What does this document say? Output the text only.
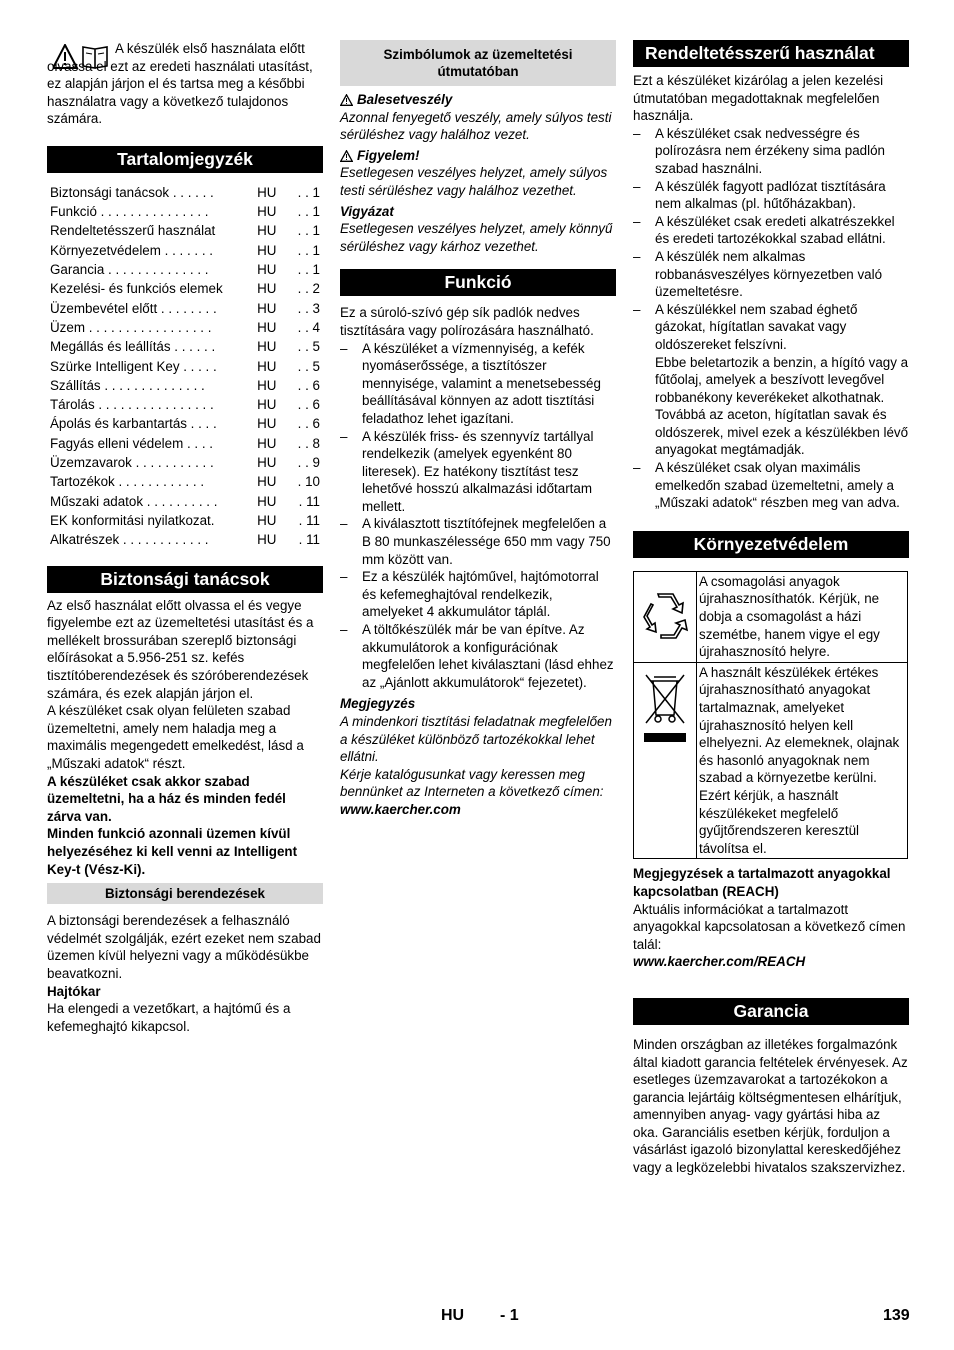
A készülék első használata előtt olvassa el ezt az eredeti használati utasítást, ez alapján járjon el és tartsa meg a későbbi használatra vagy a következő tulajdonos számára.

Tartalomjegyzék
Biztonsági tanácsok . . . . . .	HU	. . 1
Funkció . . . . . . . . . . . . . . .	HU	. . 1
Rendeltetésszerű használat	HU	. . 1
Környezetvédelem . . . . . . .	HU	. . 1
Garancia . . . . . . . . . . . . . .	HU	. . 1
Kezelési- és funkciós elemek	HU	. . 2
Üzembevétel előtt . . . . . . . .	HU	. . 3
Üzem . . . . . . . . . . . . . . . . .	HU	. . 4
Megállás és leállítás . . . . . .	HU	. . 5
Szürke Intelligent Key . . . . .	HU	. . 5
Szállítás . . . . . . . . . . . . . .	HU	. . 6
Tárolás . . . . . . . . . . . . . . . .	HU	. . 6
Ápolás és karbantartás . . . .	HU	. . 6
Fagyás elleni védelem . . . .	HU	. . 8
Üzemzavarok . . . . . . . . . . .	HU	. . 9
Tartozékok . . . . . . . . . . . .	HU	. 10
Műszaki adatok . . . . . . . . . .	HU	. 11
EK konformitási nyilatkozat.	HU	. 11
Alkatrészek . . . . . . . . . . . .	HU	. 11
Biztonsági tanácsok

Az első használat előtt olvassa el és vegye figyelembe ezt az üzemeltetési utasítást és a mellékelt brossurában szereplő biztonsági előírásokat a 5.956-251 sz. kefés tisztítóberendezések és szóróberendezések számára, és ezek alapján járjon el.

A készüléket csak olyan felületen szabad üzemeltetni, amely nem haladja meg a maximális megengedett emelkedést, lásd a „Műszaki adatok“ részt.

A készüléket csak akkor szabad üzemeltetni, ha a ház és minden fedél zárva van.

Minden funkció azonnali üzemen kívül helyezéséhez ki kell venni az Intelligent Key-t (Vész-Ki).

Biztonsági berendezések

A biztonsági berendezések a felhasználó védelmét szolgálják, ezért ezeket nem szabad üzemen kívül helyezni vagy a működésükbe beavatkozni.

Hajtókar

Ha elengedi a vezetőkart, a hajtómű és a kefemeghajtó kikapcsol.

Szimbólumok az üzemeltetési útmutatóban
Balesetveszély

Azonnal fenyegető veszély, amely súlyos testi sérüléshez vagy halálhoz vezet.

Figyelem!

Esetlegesen veszélyes helyzet, amely súlyos testi sérüléshez vagy halálhoz vezethet.

Vigyázat

Esetlegesen veszélyes helyzet, amely könnyű sérüléshez vagy kárhoz vezethet.

Funkció

Ez a súroló-szívó gép sík padlók nedves tisztítására vagy polírozására használható.

– A készüléket a vízmennyiség, a kefék nyomáserőssége, a tisztítószer mennyisége, valamint a menetsebesség beállításával könnyen az adott tisztítási feladathoz lehet igazítani.
– A készülék friss- és szennyvíz tartállyal rendelkezik (amelyek egyenként 80 literesek). Ez hatékony tisztítást tesz lehetővé hosszú alkalmazási időtartam mellett.
– A kiválasztott tisztítófejnek megfelelően a B 80 munkaszélessége 650 mm vagy 750 mm között van.
– Ez a készülék hajtóművel, hajtómotorral és kefemeghajtóval rendelkezik, amelyeket 4 akkumulátor táplál.
– A töltőkészülék már be van építve. Az akkumulátorok a konfigurációnak megfelelően lehet kiválasztani (lásd ehhez az „Ajánlott akkumulátorok“ fejezetet).

Megjegyzés

A mindenkori tisztítási feladatnak megfelelően a készüléket különböző tartozékokkal lehet ellátni.

Kérje katalógusunkat vagy keressen meg bennünket az Interneten a következő címen:

www.kaercher.com

Rendeltetésszerű használat

Ezt a készüléket kizárólag a jelen kezelési útmutatóban megadottaknak megfelelően használja.

– A készüléket csak nedvességre és polírozásra nem érzékeny sima padlón szabad használni.
– A készülék fagyott padlózat tisztítására nem alkalmas (pl. hűtőházakban).
– A készüléket csak eredeti alkatrészekkel és eredeti tartozékokkal szabad ellátni.
– A készülék nem alkalmas robbanásveszélyes környezetben való üzemeltetésre.
– A készülékkel nem szabad éghető gázokat, hígítatlan savakat vagy oldószereket felszívni.

Ebbe beletartozik a benzin, a hígító vagy a fűtőolaj, amelyek a beszívott levegővel robbanékony keverékeket alkothatnak. Továbbá az aceton, hígítatlan savak és oldószerek, mivel ezek a készülékben lévő anyagokat megtámadják.

– A készüléket csak olyan maximális emelkedőn szabad üzemeltetni, amely a „Műszaki adatok“ részben meg van adva.
Környezetvédelem
	A csomagolási anyagok újrahasznosíthatók. Kérjük, ne dobja a csomagolást a házi szemétbe, hanem vigye el egy újrahasznosító helyre.
	A használt készülékek értékes újrahasznosítható anyagokat tartalmaznak, amelyeket újrahasznosító helyen kell elhelyezni. Az elemeknek, olajnak és hasonló anyagoknak nem szabad a környezetbe kerülni. Ezért kérjük, a használt készülékeket megfelelő gyűjtőrendszeren keresztül távolítsa el.

Megjegyzések a tartalmazott anyagokkal kapcsolatban (REACH)

Aktuális információkat a tartalmazott anyagokkal kapcsolatosan a következő címen talál:

www.kaercher.com/REACH

Garancia

Minden országban az illetékes forgalmazónk által kiadott garancia feltételek érvényesek. Az esetleges üzemzavarokat a tartozékokon a garancia lejártáig költségmentesen elhárítjuk, amennyiben anyag- vagy gyártási hiba az oka. Garanciális esetben kérjük, forduljon a vásárlást igazoló bizonylattal kereskedőjéhez vagy a legközelebbi hivatalos szakszervizhez.

HU - 1	139
